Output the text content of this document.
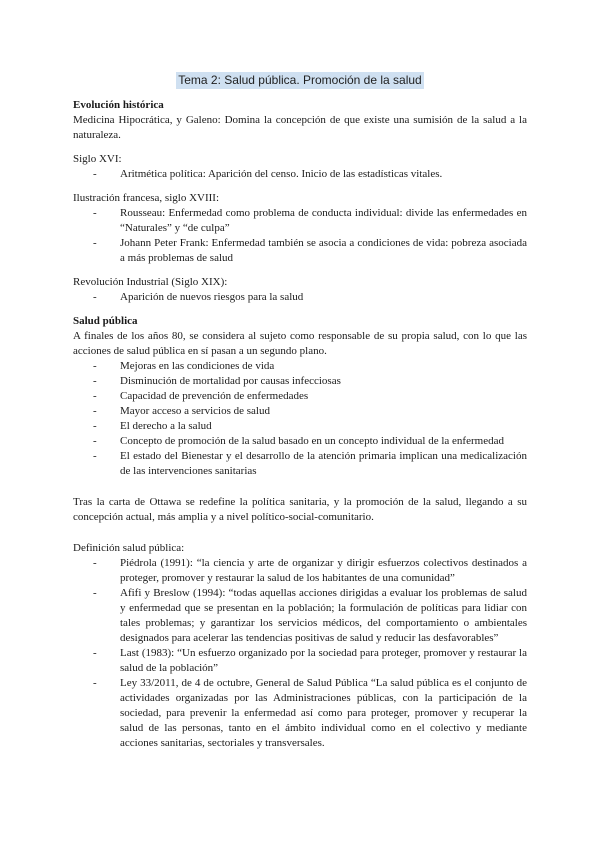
Tema 2: Salud pública. Promoción de la salud

Evolución histórica

Medicina Hipocrática, y Galeno: Domina la concepción de que existe una sumisión de la salud a la naturaleza.

Siglo XVI:

- Aritmética política: Aparición del censo. Inicio de las estadísticas vitales.

Ilustración francesa, siglo XVIII:

- Rousseau: Enfermedad como problema de conducta individual: divide las enfermedades en “Naturales” y “de culpa”
- Johann Peter Frank: Enfermedad también se asocia a condiciones de vida: pobreza asociada a más problemas de salud

Revolución Industrial (Siglo XIX):

- Aparición de nuevos riesgos para la salud

Salud pública

A finales de los años 80, se considera al sujeto como responsable de su propia salud, con lo que las acciones de salud pública en sí pasan a un segundo plano.

- Mejoras en las condiciones de vida
- Disminución de mortalidad por causas infecciosas
- Capacidad de prevención de enfermedades
- Mayor acceso a servicios de salud
- El derecho a la salud
- Concepto de promoción de la salud basado en un concepto individual de la enfermedad
- El estado del Bienestar y el desarrollo de la atención primaria implican una medicalización de las intervenciones sanitarias

Tras la carta de Ottawa se redefine la política sanitaria, y la promoción de la salud, llegando a su concepción actual, más amplia y a nivel político-social-comunitario.

Definición salud pública:

- Piédrola (1991): “la ciencia y arte de organizar y dirigir esfuerzos colectivos destinados a proteger, promover y restaurar la salud de los habitantes de una comunidad”
- Afifi y Breslow (1994): “todas aquellas acciones dirigidas a evaluar los problemas de salud y enfermedad que se presentan en la población; la formulación de políticas para lidiar con tales problemas; y garantizar los servicios médicos, del comportamiento o ambientales designados para acelerar las tendencias positivas de salud y reducir las desfavorables”
- Last (1983): “Un esfuerzo organizado por la sociedad para proteger, promover y restaurar la salud de la población”
- Ley 33/2011, de 4 de octubre, General de Salud Pública “La salud pública es el conjunto de actividades organizadas por las Administraciones públicas, con la participación de la sociedad, para prevenir la enfermedad así como para proteger, promover y recuperar la salud de las personas, tanto en el ámbito individual como en el colectivo y mediante acciones sanitarias, sectoriales y transversales.
